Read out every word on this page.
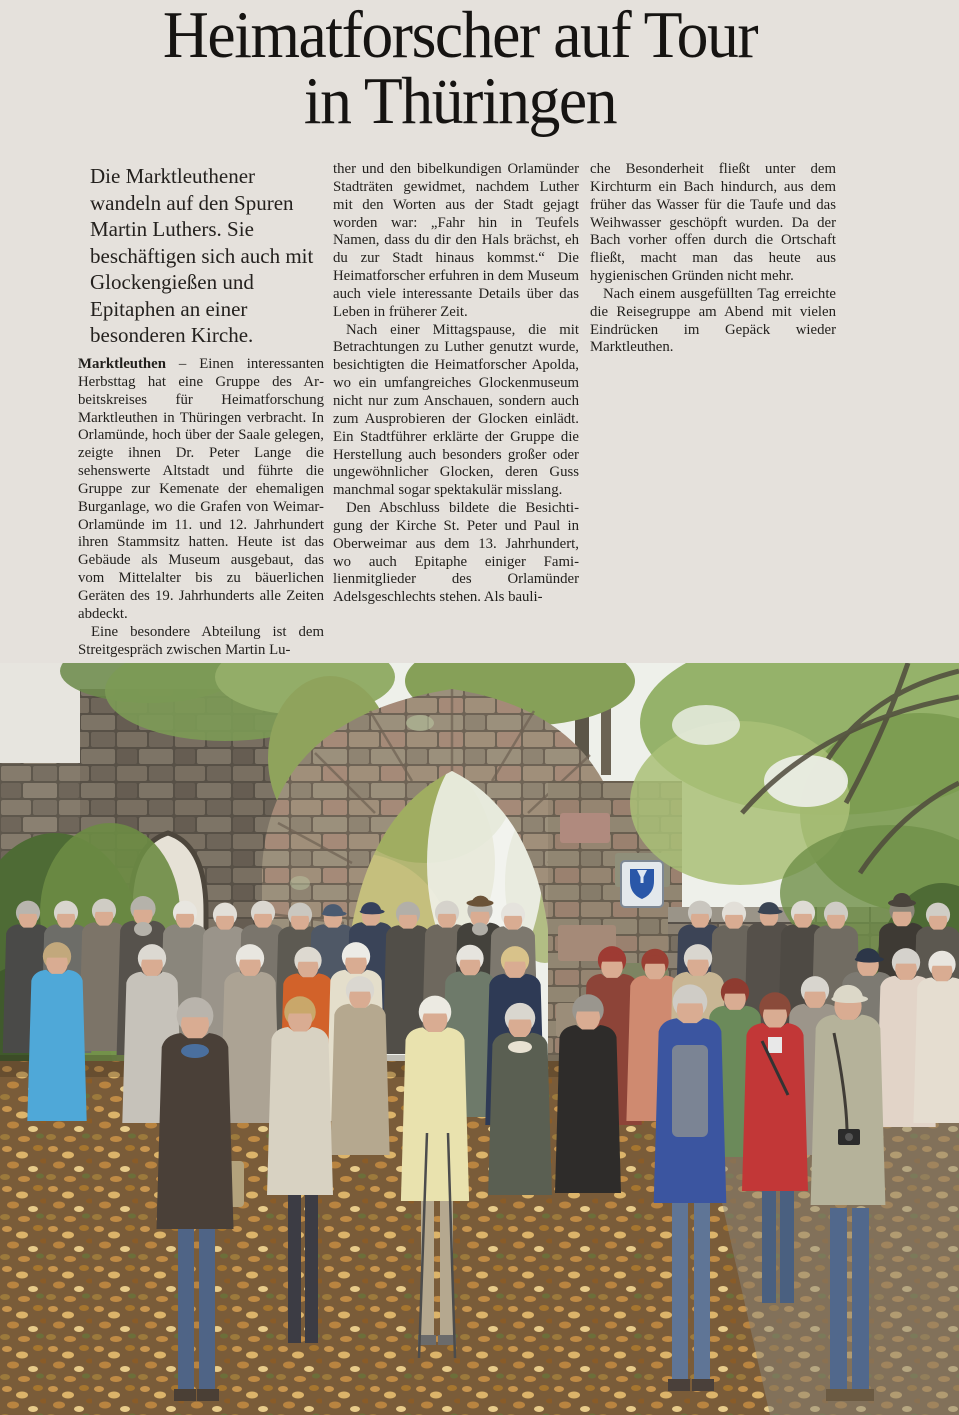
Heimatforscher auf Tour
in Thüringen

Die Marktleuthener wandeln auf den Spuren Martin Luthers. Sie beschäftigen sich auch mit Glockengießen und Epitaphen an einer besonderen Kirche.

Marktleuthen – Einen interessanten Herbsttag hat eine Gruppe des Arbeitskreises für Heimatforschung Marktleuthen in Thüringen verbracht. In Orlamünde, hoch über der Saale gelegen, zeigte ihnen Dr. Peter Lange die sehenswerte Altstadt und führte die Gruppe zur Kemenate der ehemaligen Burganlage, wo die Grafen von Weimar-Orlamünde im 11. und 12. Jahrhundert ihren Stammsitz hatten. Heute ist das Gebäude als Museum ausgebaut, das vom Mittelalter bis zu bäuerlichen Geräten des 19. Jahrhunderts alle Zeiten abdeckt.

Eine besondere Abteilung ist dem Streitgespräch zwischen Martin Lu-

ther und den bibelkundigen Orlamünder Stadträten gewidmet, nachdem Luther mit den Worten aus der Stadt gejagt worden war: „Fahr hin in Teufels Namen, dass du dir den Hals brächst, eh du zur Stadt hinaus kommst.“ Die Heimatforscher erfuhren in dem Museum auch viele interessante Details über das Leben in früherer Zeit.

Nach einer Mittagspause, die mit Betrachtungen zu Luther genutzt wurde, besichtigten die Heimatforscher Apolda, wo ein umfangreiches Glockenmuseum nicht nur zum Anschauen, sondern auch zum Ausprobieren der Glocken einlädt. Ein Stadtführer erklärte der Gruppe die Herstellung auch besonders großer oder ungewöhnlicher Glocken, deren Guss manchmal sogar spektakulär misslang.

Den Abschluss bildete die Besichtigung der Kirche St. Peter und Paul in Oberweimar aus dem 13. Jahrhundert, wo auch Epitaphe einiger Familienmitglieder des Orlamünder Adelsgeschlechts stehen. Als bauli-

che Besonderheit fließt unter dem Kirchturm ein Bach hindurch, aus dem früher das Wasser für die Taufe und das Weihwasser geschöpft wurden. Da der Bach vorher offen durch die Ortschaft fließt, macht man das heute aus hygienischen Gründen nicht mehr.

Nach einem ausgefüllten Tag erreichte die Reisegruppe am Abend mit vielen Eindrücken im Gepäck wieder Marktleuthen.
